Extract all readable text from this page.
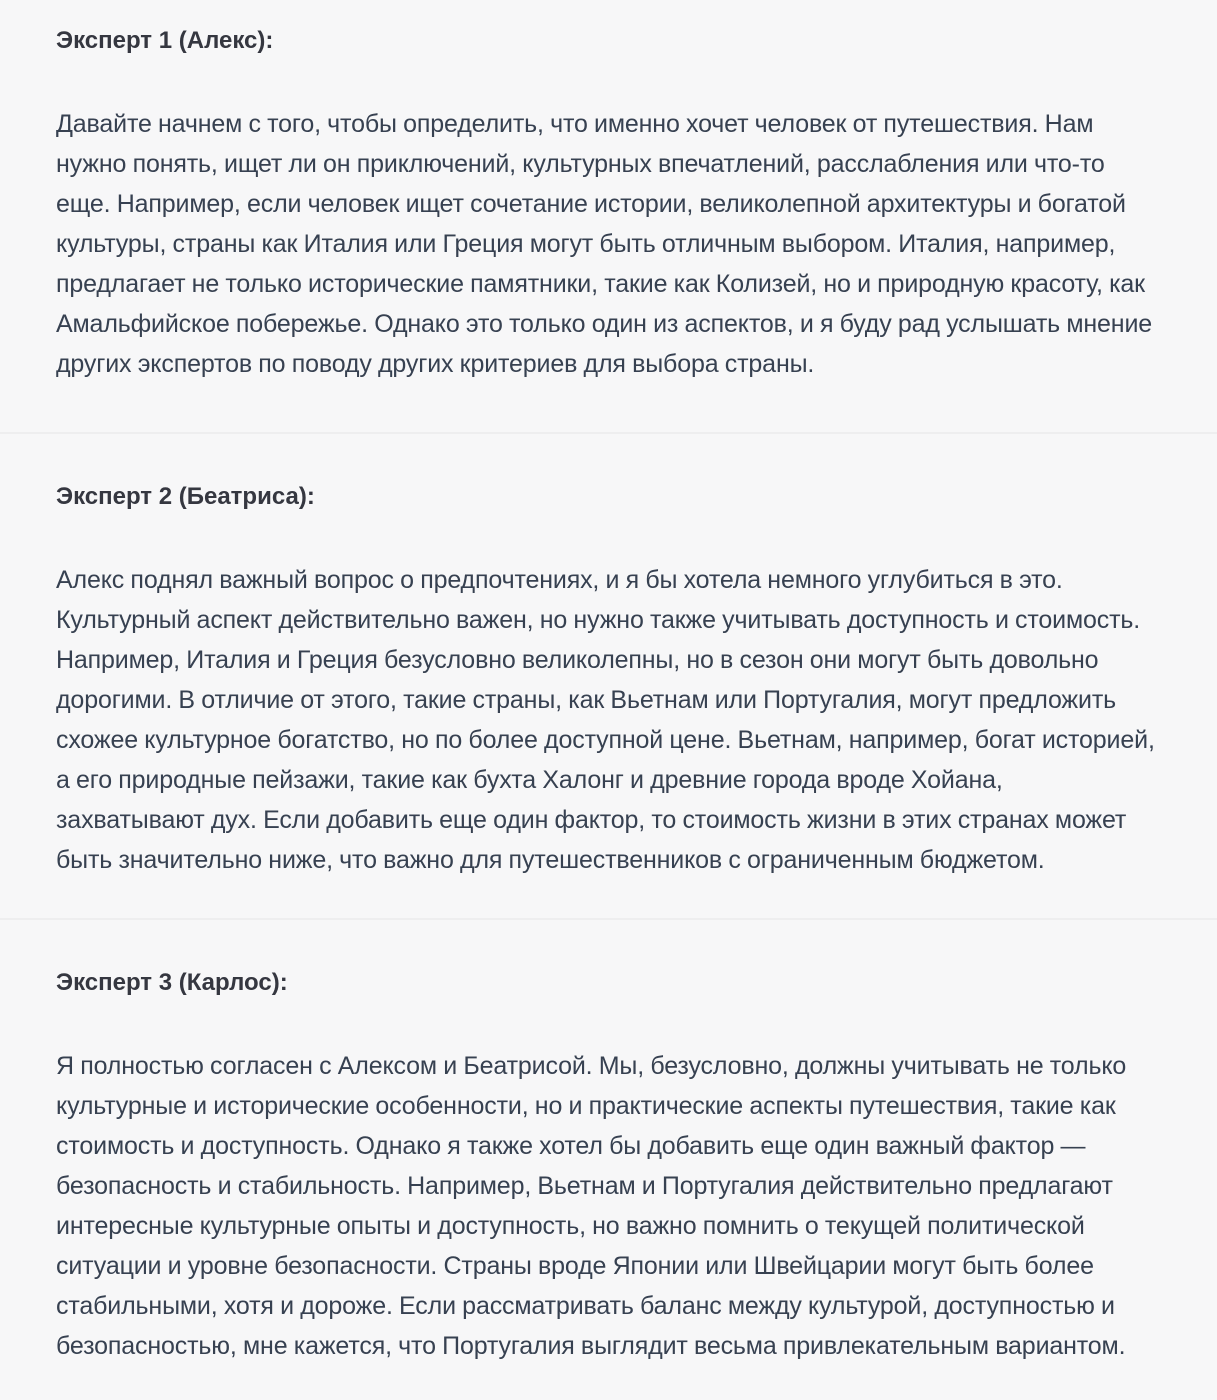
Эксперт 1 (Алекс):

Давайте начнем с того, чтобы определить, что именно хочет человек от путешествия. Нам нужно понять, ищет ли он приключений, культурных впечатлений, расслабления или что-то еще. Например, если человек ищет сочетание истории, великолепной архитектуры и богатой культуры, страны как Италия или Греция могут быть отличным выбором. Италия, например, предлагает не только исторические памятники, такие как Колизей, но и природную красоту, как Амальфийское побережье. Однако это только один из аспектов, и я буду рад услышать мнение других экспертов по поводу других критериев для выбора страны.

Эксперт 2 (Беатриса):

Алекс поднял важный вопрос о предпочтениях, и я бы хотела немного углубиться в это. Культурный аспект действительно важен, но нужно также учитывать доступность и стоимость. Например, Италия и Греция безусловно великолепны, но в сезон они могут быть довольно дорогими. В отличие от этого, такие страны, как Вьетнам или Португалия, могут предложить схожее культурное богатство, но по более доступной цене. Вьетнам, например, богат историей, а его природные пейзажи, такие как бухта Халонг и древние города вроде Хойана, захватывают дух. Если добавить еще один фактор, то стоимость жизни в этих странах может быть значительно ниже, что важно для путешественников с ограниченным бюджетом.

Эксперт 3 (Карлос):

Я полностью согласен с Алексом и Беатрисой. Мы, безусловно, должны учитывать не только культурные и исторические особенности, но и практические аспекты путешествия, такие как стоимость и доступность. Однако я также хотел бы добавить еще один важный фактор — безопасность и стабильность. Например, Вьетнам и Португалия действительно предлагают интересные культурные опыты и доступность, но важно помнить о текущей политической ситуации и уровне безопасности. Страны вроде Японии или Швейцарии могут быть более стабильными, хотя и дороже. Если рассматривать баланс между культурой, доступностью и безопасностью, мне кажется, что Португалия выглядит весьма привлекательным вариантом.
